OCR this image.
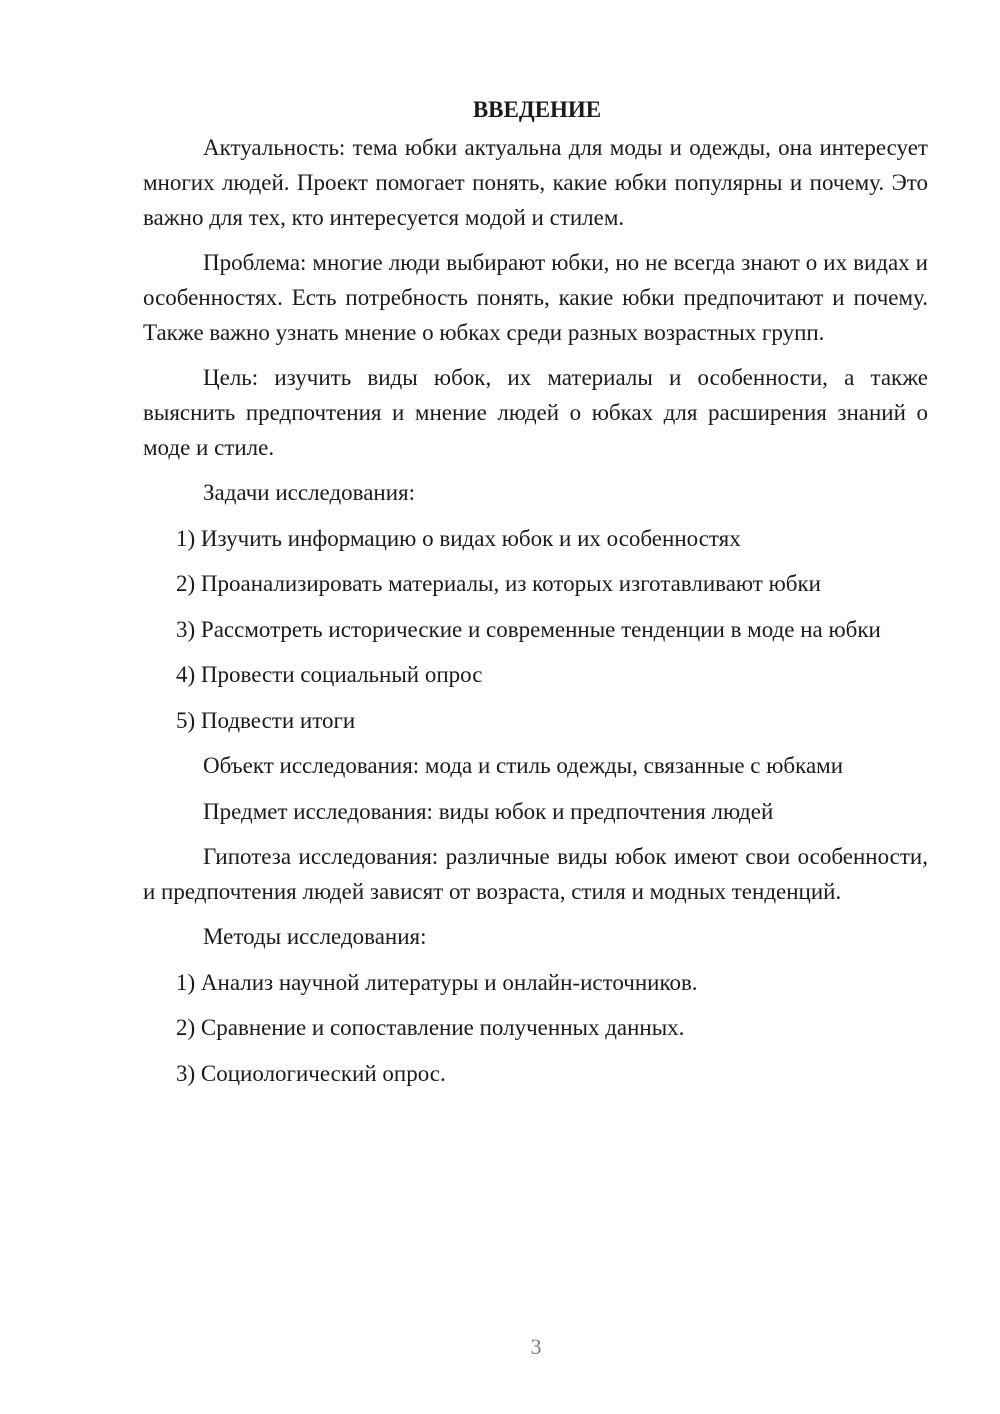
ВВЕДЕНИЕ

Актуальность: тема юбки актуальна для моды и одежды, она интересует многих людей. Проект помогает понять, какие юбки популярны и почему. Это важно для тех, кто интересуется модой и стилем.

Проблема: многие люди выбирают юбки, но не всегда знают о их видах и особенностях. Есть потребность понять, какие юбки предпочитают и почему. Также важно узнать мнение о юбках среди разных возрастных групп.

Цель: изучить виды юбок, их материалы и особенности, а также выяснить предпочтения и мнение людей о юбках для расширения знаний о моде и стиле.

Задачи исследования:
1) Изучить информацию о видах юбок и их особенностях
2) Проанализировать материалы, из которых изготавливают юбки
3) Рассмотреть исторические и современные тенденции в моде на юбки
4) Провести социальный опрос
5) Подвести итоги
Объект исследования: мода и стиль одежды, связанные с юбками
Предмет исследования: виды юбок и предпочтения людей

Гипотеза исследования: различные виды юбок имеют свои особенности, и предпочтения людей зависят от возраста, стиля и модных тенденций.

Методы исследования:
1) Анализ научной литературы и онлайн-источников.
2) Сравнение и сопоставление полученных данных.
3) Социологический опрос.
3
